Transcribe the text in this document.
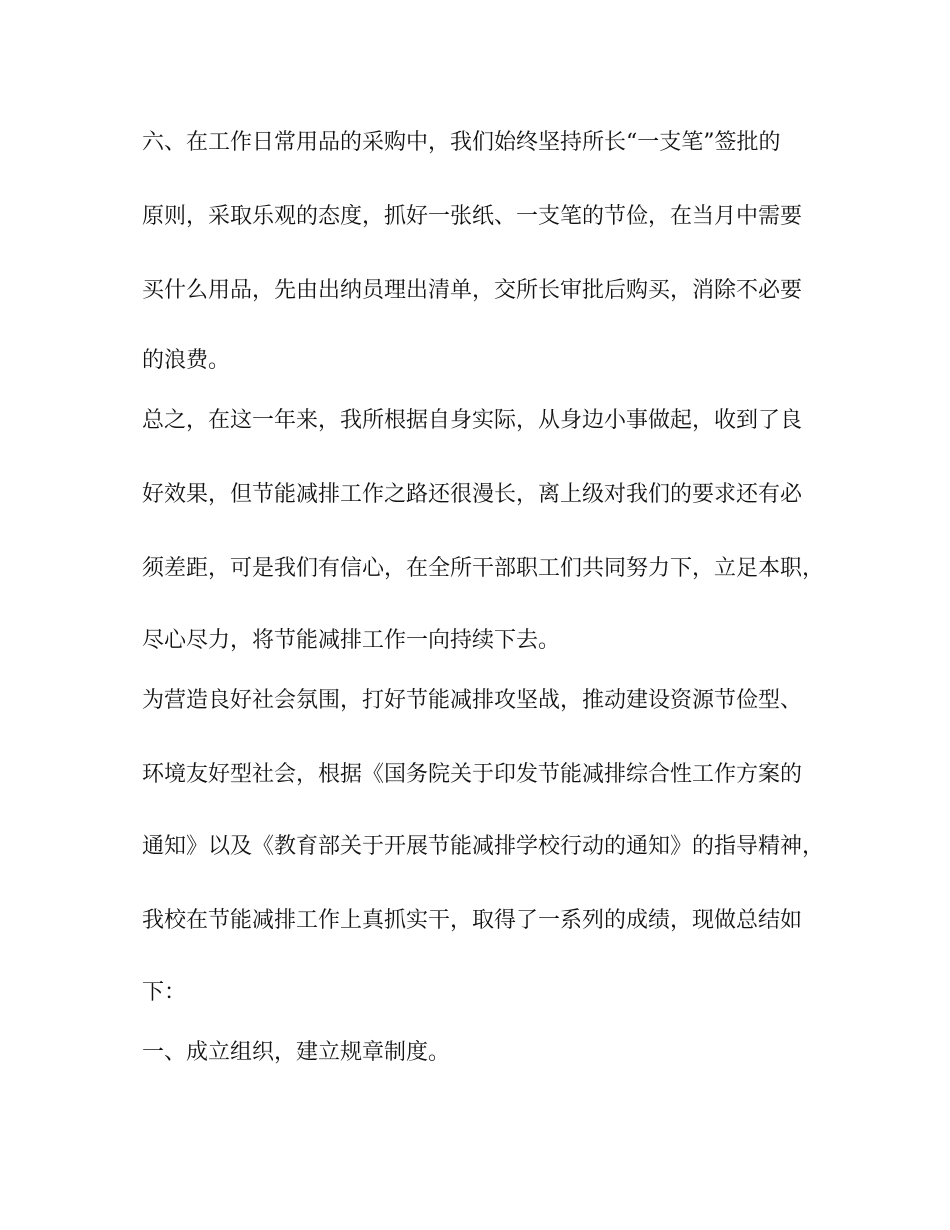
六、在工作日常用品的采购中，我们始终坚持所长“一支笔”签批的
原则，采取乐观的态度，抓好一张纸、一支笔的节俭，在当月中需要
买什么用品，先由出纳员理出清单，交所长审批后购买，消除不必要
的浪费。
总之，在这一年来，我所根据自身实际，从身边小事做起，收到了良
好效果，但节能减排工作之路还很漫长，离上级对我们的要求还有必
须差距，可是我们有信心，在全所干部职工们共同努力下，立足本职，
尽心尽力，将节能减排工作一向持续下去。
为营造良好社会氛围，打好节能减排攻坚战，推动建设资源节俭型、
环境友好型社会，根据《国务院关于印发节能减排综合性工作方案的
通知》以及《教育部关于开展节能减排学校行动的通知》的指导精神，
我校在节能减排工作上真抓实干，取得了一系列的成绩，现做总结如
下：
一、成立组织，建立规章制度。
